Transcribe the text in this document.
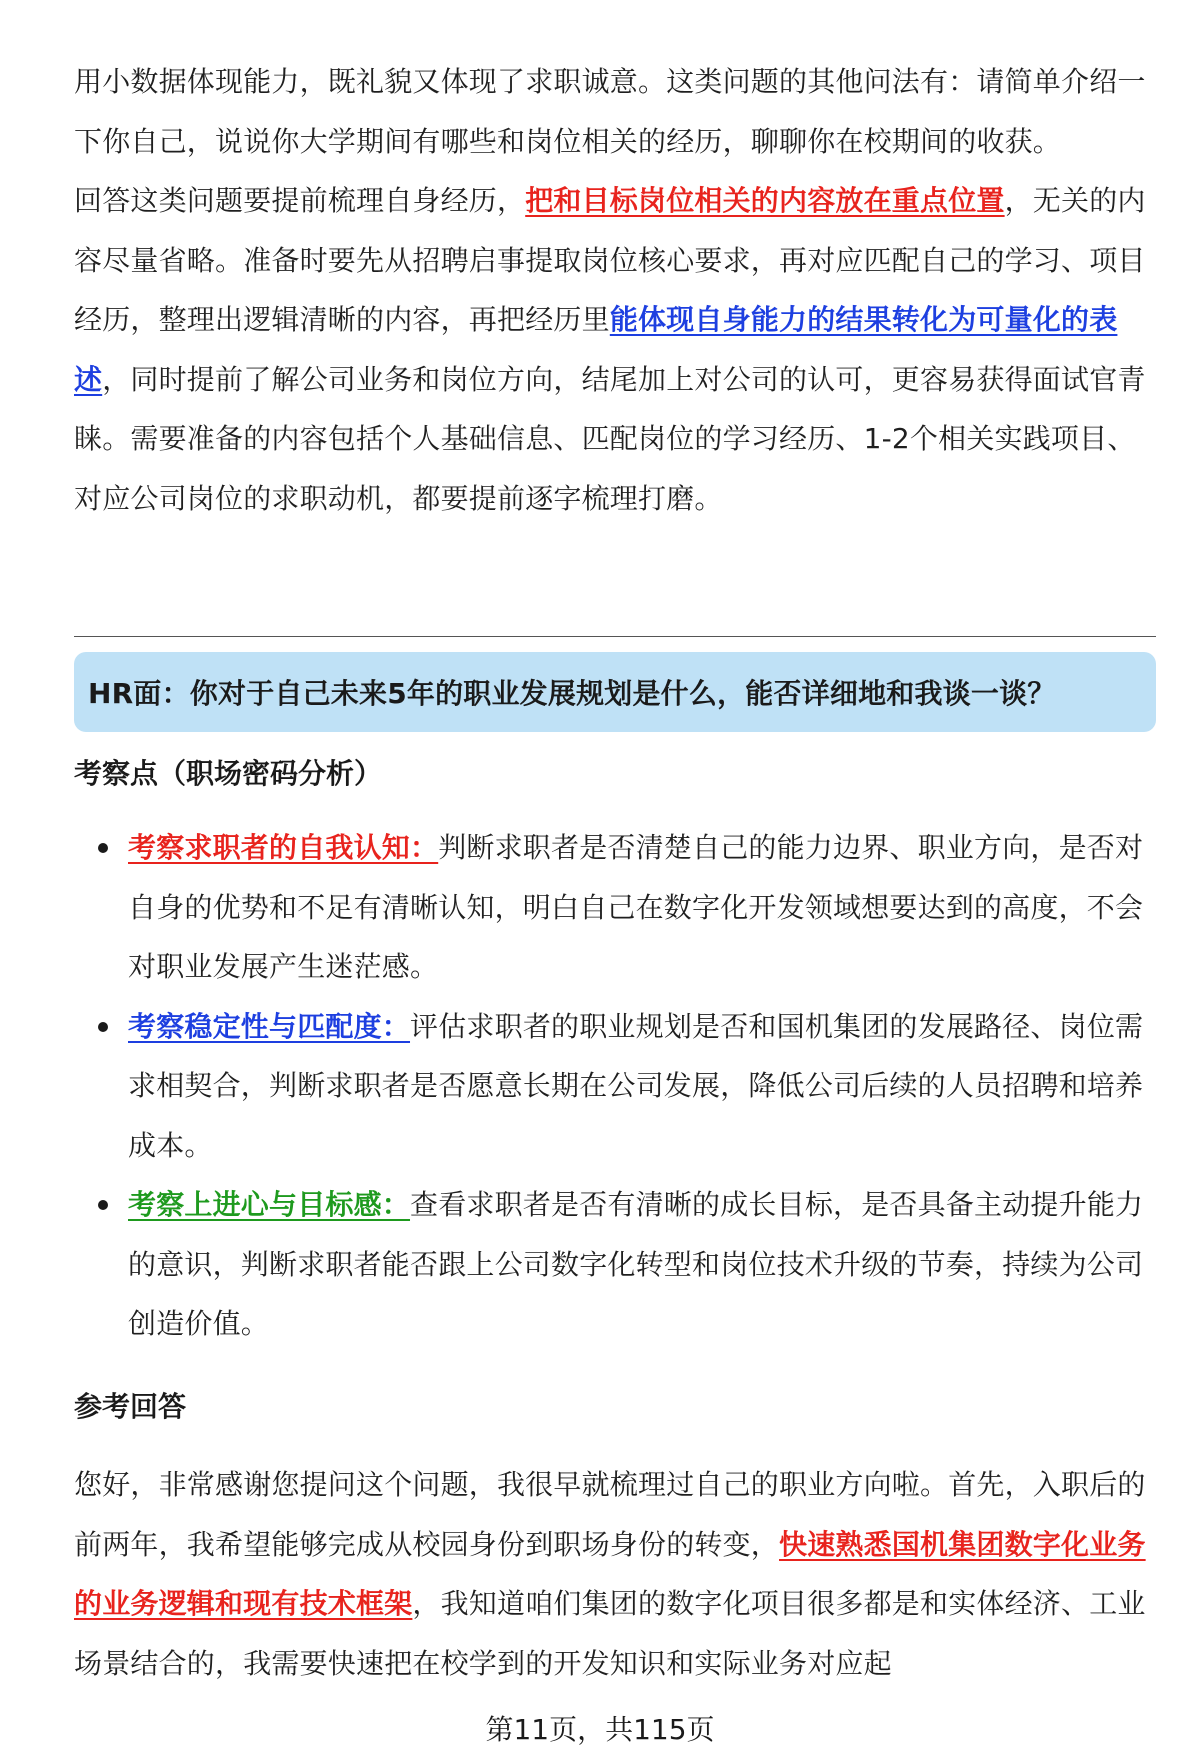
用小数据体现能力，既礼貌又体现了求职诚意。这类问题的其他问法有：请简单介绍一下你自己，说说你大学期间有哪些和岗位相关的经历，聊聊你在校期间的收获。

回答这类问题要提前梳理自身经历，把和目标岗位相关的内容放在重点位置，无关的内容尽量省略。准备时要先从招聘启事提取岗位核心要求，再对应匹配自己的学习、项目经历，整理出逻辑清晰的内容，再把经历里能体现自身能力的结果转化为可量化的表述，同时提前了解公司业务和岗位方向，结尾加上对公司的认可，更容易获得面试官青睐。需要准备的内容包括个人基础信息、匹配岗位的学习经历、1-2个相关实践项目、对应公司岗位的求职动机，都要提前逐字梳理打磨。

HR面：你对于自己未来5年的职业发展规划是什么，能否详细地和我谈一谈？
考察点（职场密码分析）
考察求职者的自我认知：判断求职者是否清楚自己的能力边界、职业方向，是否对自身的优势和不足有清晰认知，明白自己在数字化开发领域想要达到的高度，不会对职业发展产生迷茫感。
考察稳定性与匹配度：评估求职者的职业规划是否和国机集团的发展路径、岗位需求相契合，判断求职者是否愿意长期在公司发展，降低公司后续的人员招聘和培养成本。
考察上进心与目标感：查看求职者是否有清晰的成长目标，是否具备主动提升能力的意识，判断求职者能否跟上公司数字化转型和岗位技术升级的节奏，持续为公司创造价值。
参考回答

您好，非常感谢您提问这个问题，我很早就梳理过自己的职业方向啦。首先，入职后的前两年，我希望能够完成从校园身份到职场身份的转变，快速熟悉国机集团数字化业务的业务逻辑和现有技术框架，我知道咱们集团的数字化项目很多都是和实体经济、工业场景结合的，我需要快速把在校学到的开发知识和实际业务对应起

第11页，共115页
